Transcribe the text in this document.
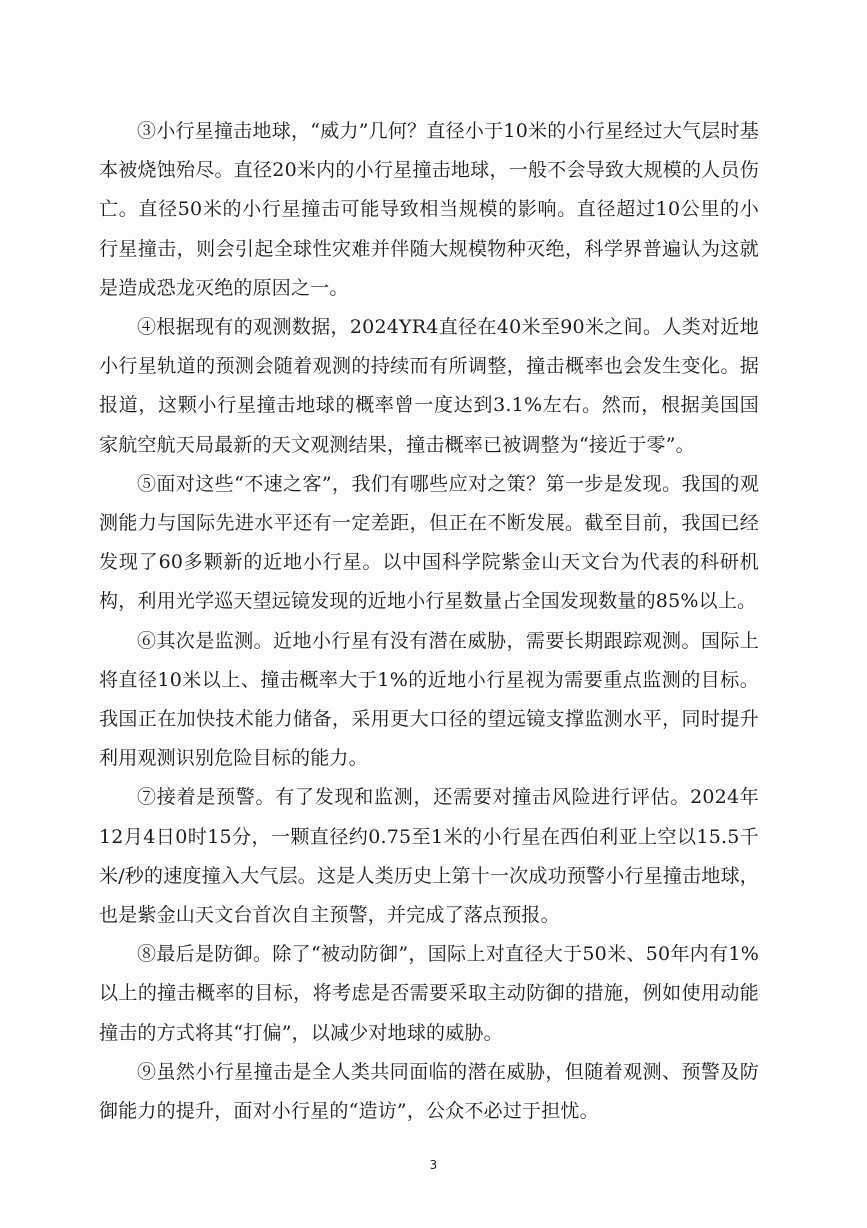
③小行星撞击地球，“威力”几何？直径小于10米的小行星经过大气层时基本被烧蚀殆尽。直径20米内的小行星撞击地球，一般不会导致大规模的人员伤亡。直径50米的小行星撞击可能导致相当规模的影响。直径超过10公里的小行星撞击，则会引起全球性灾难并伴随大规模物种灭绝，科学界普遍认为这就是造成恐龙灭绝的原因之一。

④根据现有的观测数据，2024YR4直径在40米至90米之间。人类对近地小行星轨道的预测会随着观测的持续而有所调整，撞击概率也会发生变化。据报道，这颗小行星撞击地球的概率曾一度达到3.1%左右。然而，根据美国国家航空航天局最新的天文观测结果，撞击概率已被调整为“接近于零”。

⑤面对这些“不速之客”，我们有哪些应对之策？第一步是发现。我国的观测能力与国际先进水平还有一定差距，但正在不断发展。截至目前，我国已经发现了60多颗新的近地小行星。以中国科学院紫金山天文台为代表的科研机构，利用光学巡天望远镜发现的近地小行星数量占全国发现数量的85%以上。

⑥其次是监测。近地小行星有没有潜在威胁，需要长期跟踪观测。国际上将直径10米以上、撞击概率大于1%的近地小行星视为需要重点监测的目标。我国正在加快技术能力储备，采用更大口径的望远镜支撑监测水平，同时提升利用观测识别危险目标的能力。

⑦接着是预警。有了发现和监测，还需要对撞击风险进行评估。2024年12月4日0时15分，一颗直径约0.75至1米的小行星在西伯利亚上空以15.5千米/秒的速度撞入大气层。这是人类历史上第十一次成功预警小行星撞击地球，也是紫金山天文台首次自主预警，并完成了落点预报。

⑧最后是防御。除了“被动防御”，国际上对直径大于50米、50年内有1%以上的撞击概率的目标，将考虑是否需要采取主动防御的措施，例如使用动能撞击的方式将其“打偏”，以减少对地球的威胁。

⑨虽然小行星撞击是全人类共同面临的潜在威胁，但随着观测、预警及防御能力的提升，面对小行星的“造访”，公众不必过于担忧。

3
